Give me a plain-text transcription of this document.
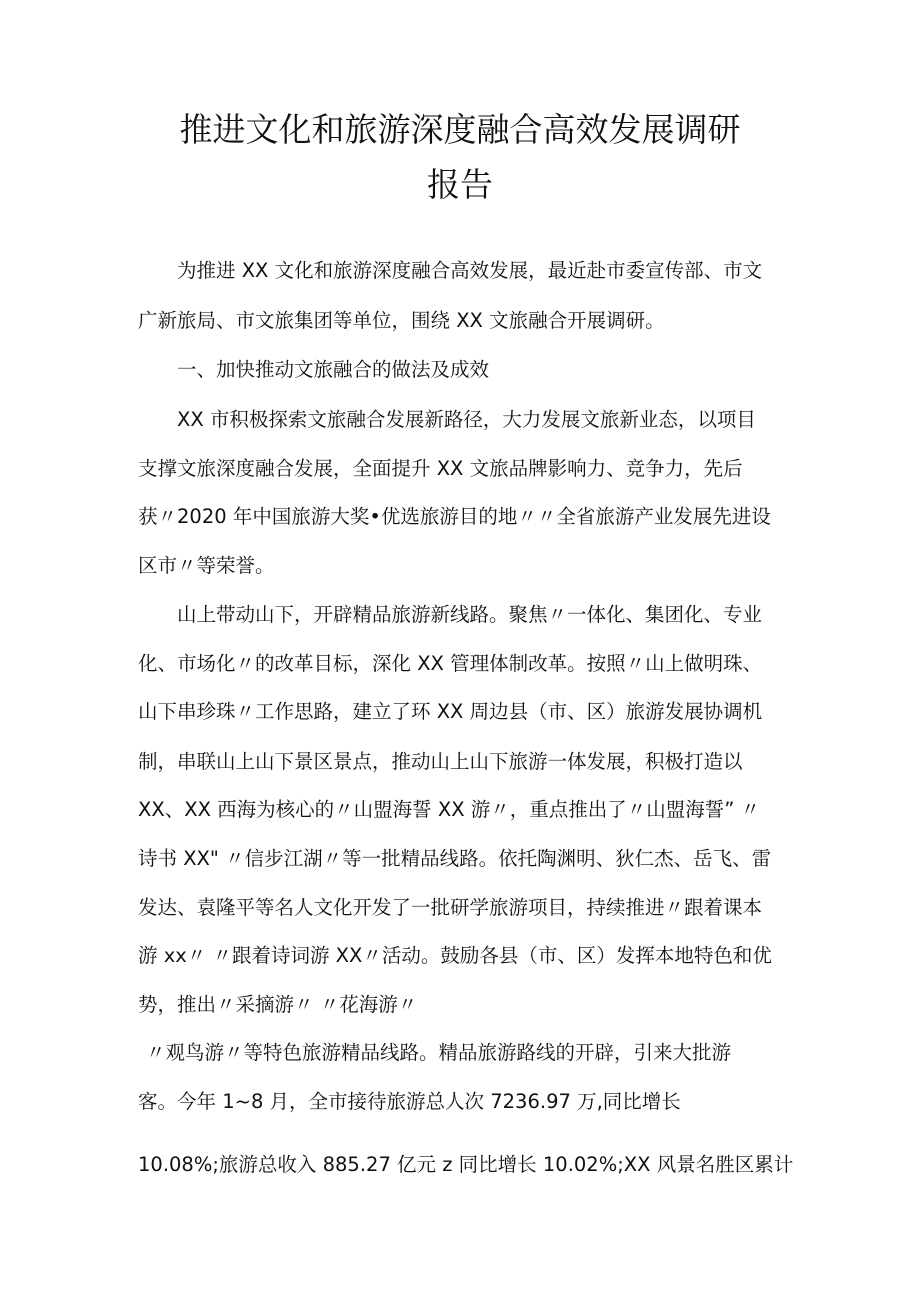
推进文化和旅游深度融合高效发展调研
报告
为推进 XX 文化和旅游深度融合高效发展，最近赴市委宣传部、市文
广新旅局、市文旅集团等单位，围绕 XX 文旅融合开展调研。
一、加快推动文旅融合的做法及成效
XX 市积极探索文旅融合发展新路径，大力发展文旅新业态，以项目
支撑文旅深度融合发展，全面提升 XX 文旅品牌影响力、竞争力，先后
获〃2020 年中国旅游大奖•优选旅游目的地〃〃全省旅游产业发展先进设
区市〃等荣誉。
山上带动山下，开辟精品旅游新线路。聚焦〃一体化、集团化、专业
化、市场化〃的改革目标，深化 XX 管理体制改革。按照〃山上做明珠、
山下串珍珠〃工作思路，建立了环 XX 周边县（市、区）旅游发展协调机
制，串联山上山下景区景点，推动山上山下旅游一体发展，积极打造以
XX、XX 西海为核心的〃山盟海誓 XX 游〃，重点推出了〃山盟海誓” 〃
诗书 XX" 〃信步江湖〃等一批精品线路。依托陶渊明、狄仁杰、岳飞、雷
发达、袁隆平等名人文化开发了一批研学旅游项目，持续推进〃跟着课本
游 xx〃 〃跟着诗词游 XX〃活动。鼓励各县（市、区）发挥本地特色和优
势，推出〃采摘游〃 〃花海游〃
〃观鸟游〃等特色旅游精品线路。精品旅游路线的开辟，引来大批游
客。今年 1~8 月，全市接待旅游总人次 7236.97 万,同比增长
10.08%;旅游总收入 885.27 亿元 z 同比增长 10.02%;XX 风景名胜区累计
